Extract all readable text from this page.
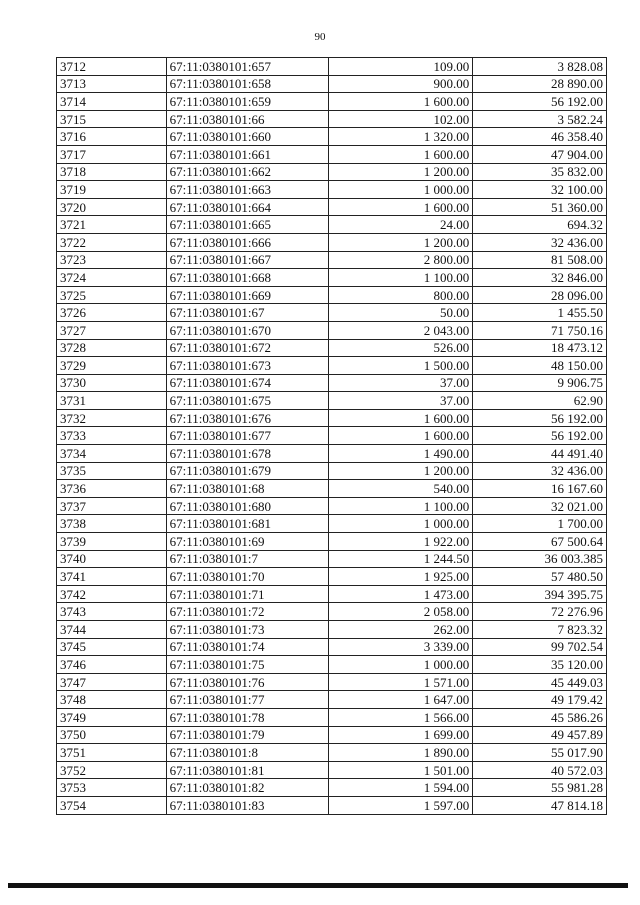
90
3712	67:11:0380101:657	109.00	3 828.08
3713	67:11:0380101:658	900.00	28 890.00
3714	67:11:0380101:659	1 600.00	56 192.00
3715	67:11:0380101:66	102.00	3 582.24
3716	67:11:0380101:660	1 320.00	46 358.40
3717	67:11:0380101:661	1 600.00	47 904.00
3718	67:11:0380101:662	1 200.00	35 832.00
3719	67:11:0380101:663	1 000.00	32 100.00
3720	67:11:0380101:664	1 600.00	51 360.00
3721	67:11:0380101:665	24.00	694.32
3722	67:11:0380101:666	1 200.00	32 436.00
3723	67:11:0380101:667	2 800.00	81 508.00
3724	67:11:0380101:668	1 100.00	32 846.00
3725	67:11:0380101:669	800.00	28 096.00
3726	67:11:0380101:67	50.00	1 455.50
3727	67:11:0380101:670	2 043.00	71 750.16
3728	67:11:0380101:672	526.00	18 473.12
3729	67:11:0380101:673	1 500.00	48 150.00
3730	67:11:0380101:674	37.00	9 906.75
3731	67:11:0380101:675	37.00	62.90
3732	67:11:0380101:676	1 600.00	56 192.00
3733	67:11:0380101:677	1 600.00	56 192.00
3734	67:11:0380101:678	1 490.00	44 491.40
3735	67:11:0380101:679	1 200.00	32 436.00
3736	67:11:0380101:68	540.00	16 167.60
3737	67:11:0380101:680	1 100.00	32 021.00
3738	67:11:0380101:681	1 000.00	1 700.00
3739	67:11:0380101:69	1 922.00	67 500.64
3740	67:11:0380101:7	1 244.50	36 003.385
3741	67:11:0380101:70	1 925.00	57 480.50
3742	67:11:0380101:71	1 473.00	394 395.75
3743	67:11:0380101:72	2 058.00	72 276.96
3744	67:11:0380101:73	262.00	7 823.32
3745	67:11:0380101:74	3 339.00	99 702.54
3746	67:11:0380101:75	1 000.00	35 120.00
3747	67:11:0380101:76	1 571.00	45 449.03
3748	67:11:0380101:77	1 647.00	49 179.42
3749	67:11:0380101:78	1 566.00	45 586.26
3750	67:11:0380101:79	1 699.00	49 457.89
3751	67:11:0380101:8	1 890.00	55 017.90
3752	67:11:0380101:81	1 501.00	40 572.03
3753	67:11:0380101:82	1 594.00	55 981.28
3754	67:11:0380101:83	1 597.00	47 814.18
